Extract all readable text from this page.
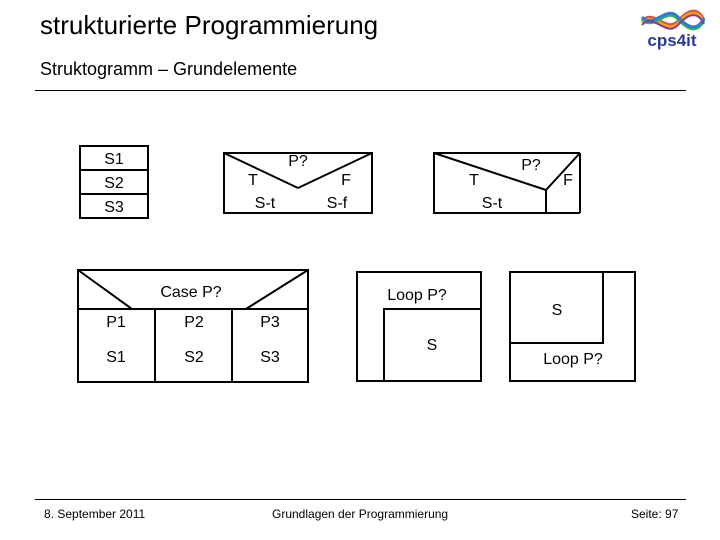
strukturierte Programmierung
Struktogramm – Grundelemente
cps4it
S1
S2
S3
P?
T	F
S-t	S-f
P?
T	F
S-t
Case P?
P1	P2	P3
S1	S2	S3
Loop P?
S
S
Loop P?
8. September 2011	Grundlagen der Programmierung	Seite: 97
